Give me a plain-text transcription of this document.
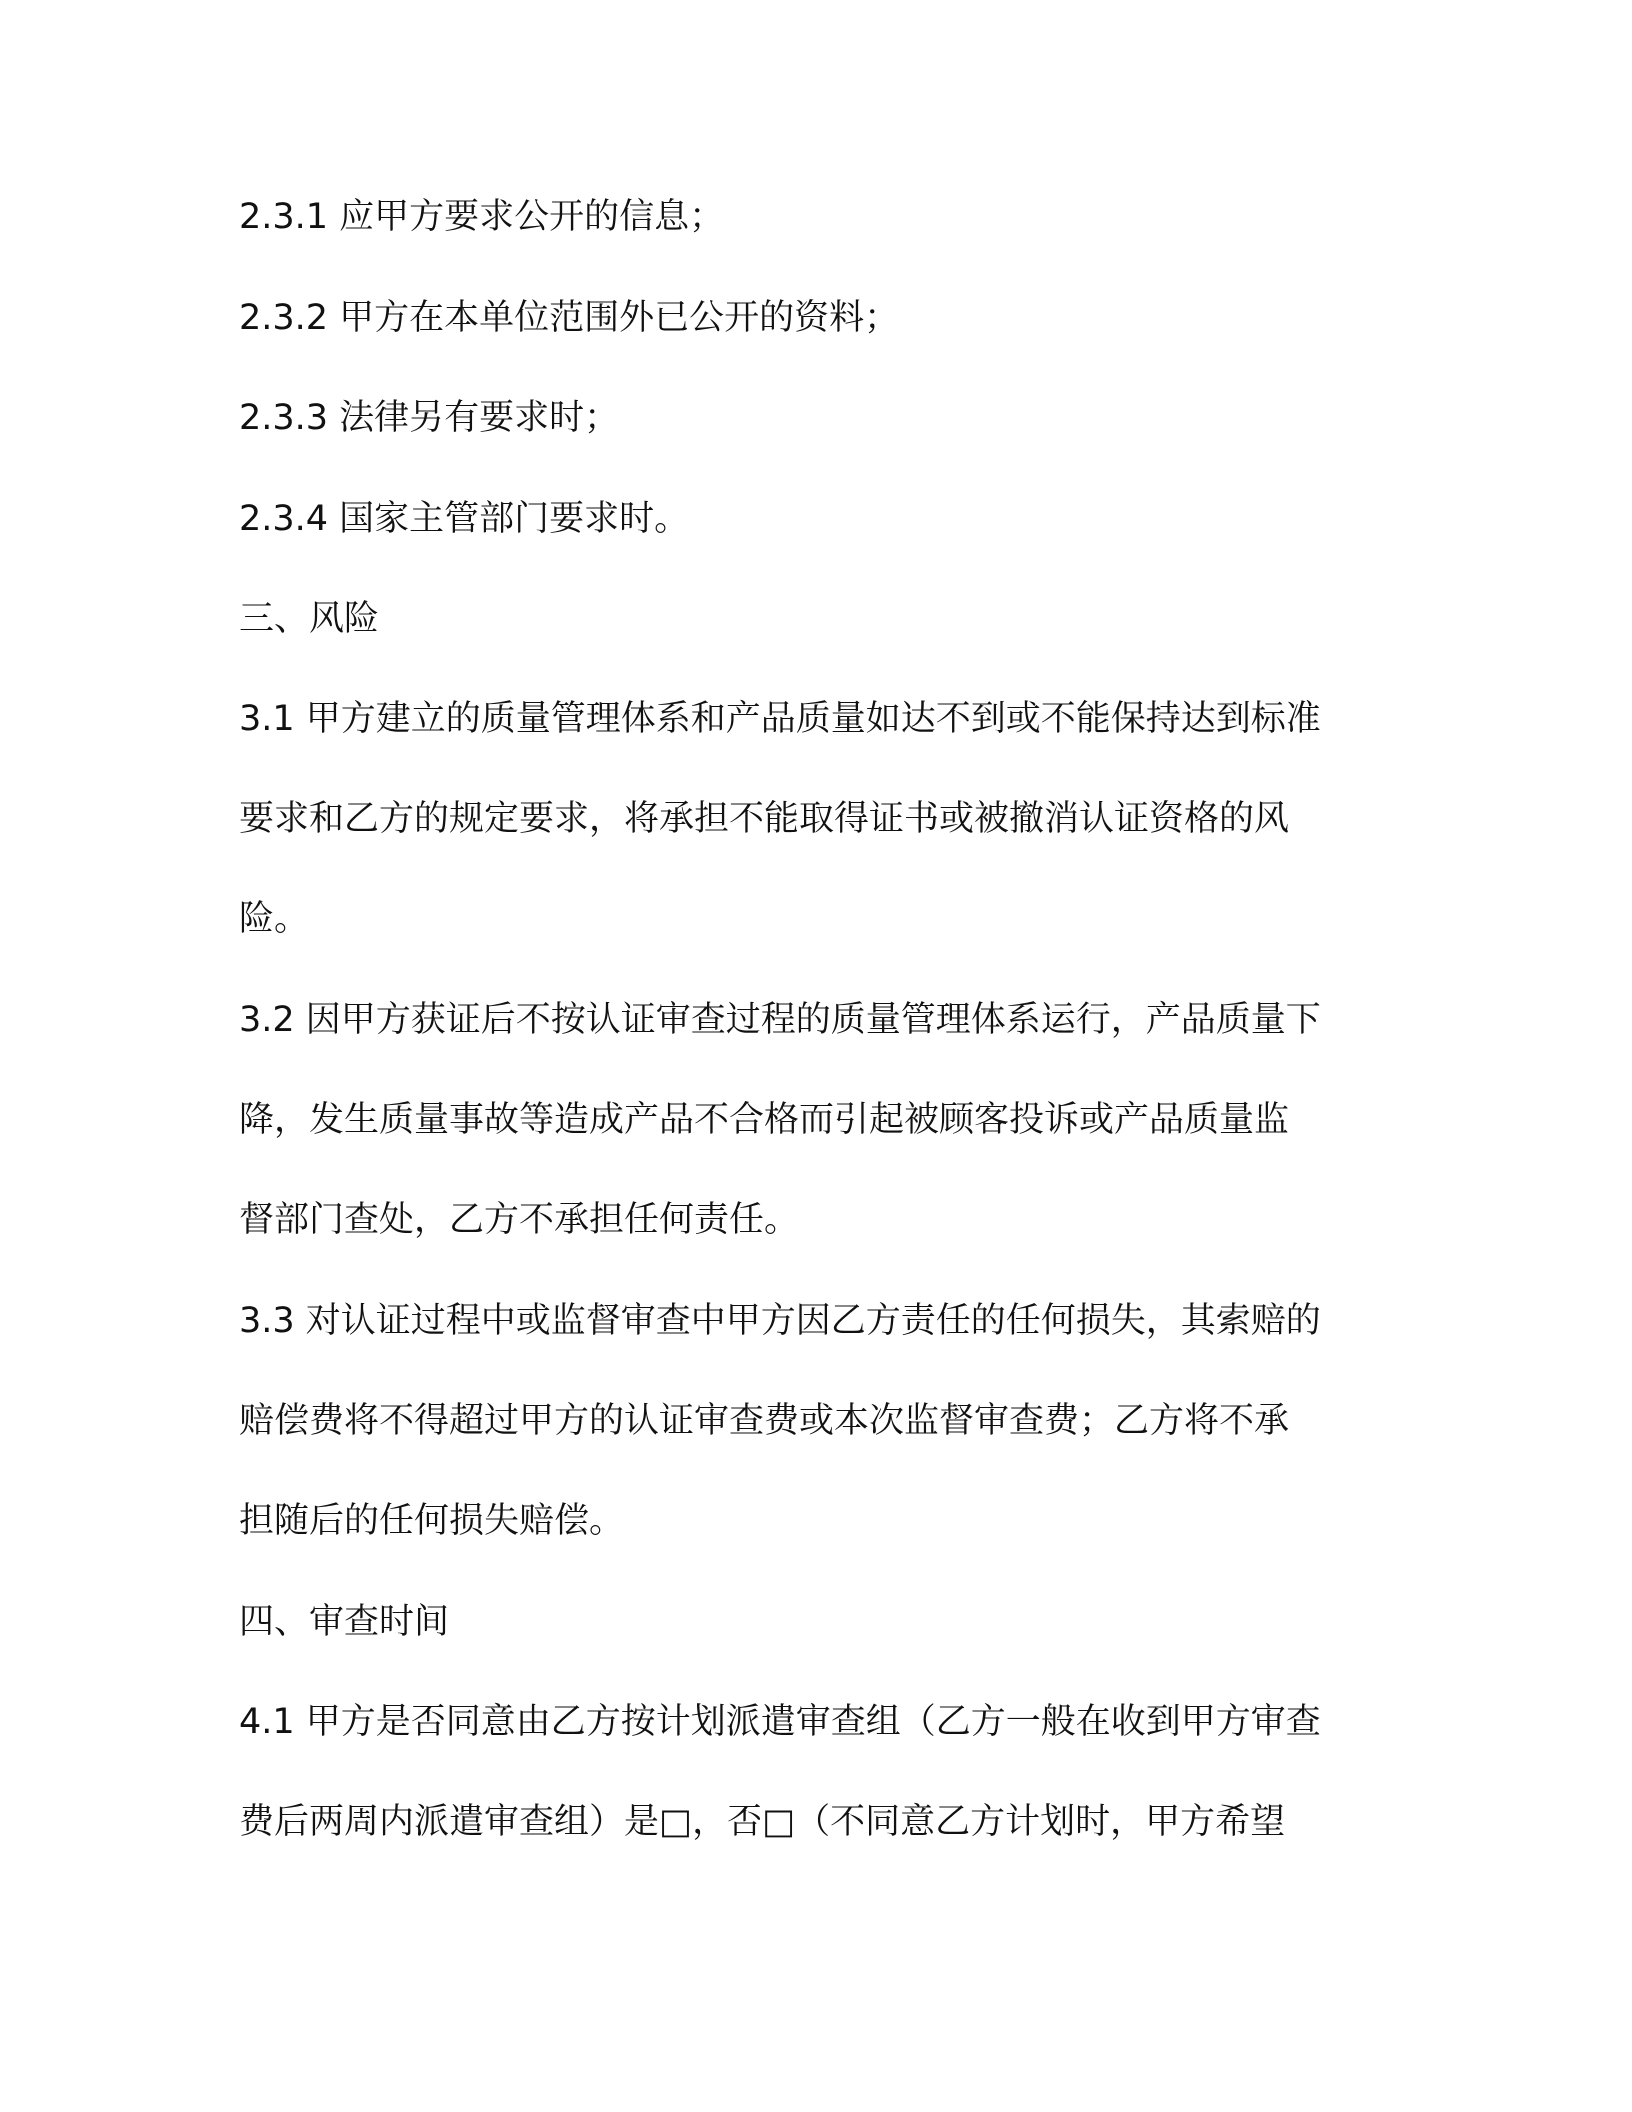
2.3.1 应甲方要求公开的信息；
2.3.2 甲方在本单位范围外已公开的资料；
2.3.3 法律另有要求时；
2.3.4 国家主管部门要求时。
三、风险
3.1 甲方建立的质量管理体系和产品质量如达不到或不能保持达到标准
要求和乙方的规定要求，将承担不能取得证书或被撤消认证资格的风
险。
3.2 因甲方获证后不按认证审查过程的质量管理体系运行，产品质量下
降，发生质量事故等造成产品不合格而引起被顾客投诉或产品质量监
督部门查处，乙方不承担任何责任。
3.3 对认证过程中或监督审查中甲方因乙方责任的任何损失，其索赔的
赔偿费将不得超过甲方的认证审查费或本次监督审查费；乙方将不承
担随后的任何损失赔偿。
四、审查时间
4.1 甲方是否同意由乙方按计划派遣审查组（乙方一般在收到甲方审查
费后两周内派遣审查组）是□，否□（不同意乙方计划时，甲方希望
